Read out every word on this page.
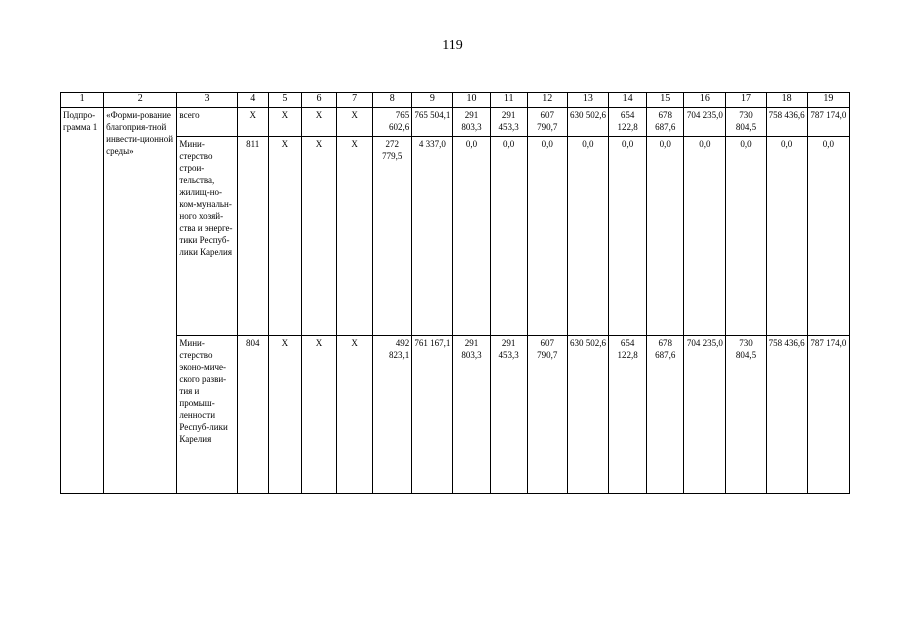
119
1	2	3	4	5	6	7	8	9	10	11	12	13	14	15	16	17	18	19
Подпро-грамма 1	«Форми-рование благоприя-тной инвести-ционной среды»	всего	X	X	X	X	765 602,6	765 504,1	291 803,3	291 453,3	607 790,7	630 502,6	654 122,8	678 687,6	704 235,0	730 804,5	758 436,6	787 174,0
		Мини-стерство строи-тельства, жилищ-но-ком-мунальн-ного хозяй-ства и энерге-тики Респуб-лики Карелия	811	X	X	X	272 779,5	4 337,0	0,0	0,0	0,0	0,0	0,0	0,0	0,0	0,0	0,0	0,0
		Мини-стерство эконо-миче-ского разви-тия и промыш-ленности Респуб-лики Карелия	804	X	X	X	492 823,1	761 167,1	291 803,3	291 453,3	607 790,7	630 502,6	654 122,8	678 687,6	704 235,0	730 804,5	758 436,6	787 174,0
